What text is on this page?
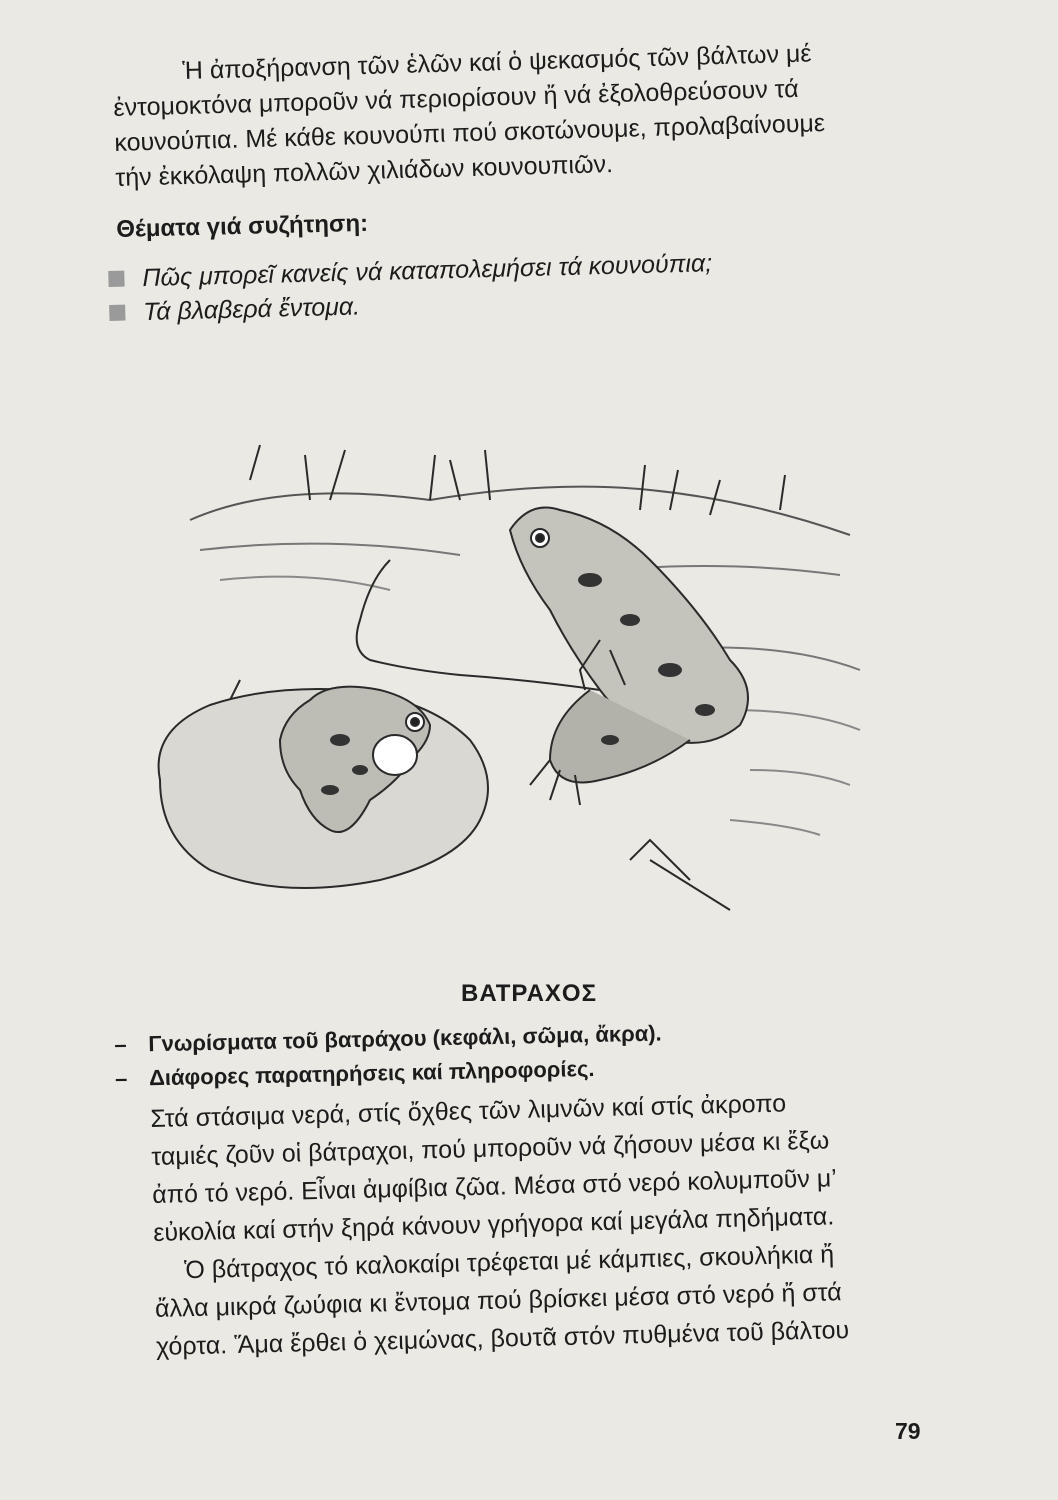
Ἡ ἀποξήρανση τῶν ἑλῶν καί ὁ ψεκασμός τῶν βάλτων μέ
ἐντομοκτόνα μποροῦν νά περιορίσουν ἤ νά ἐξολοθρεύσουν τά
κουνούπια. Μέ κάθε κουνούπι πού σκοτώνουμε, προλαβαίνουμε
τήν ἐκκόλαψη πολλῶν χιλιάδων κουνουπιῶν.
Θέματα γιά συζήτηση:
Πῶς μπορεῖ κανείς νά καταπολεμήσει τά κουνούπια;
Τά βλαβερά ἔντομα.
ΒΑΤΡΑΧΟΣ
– Γνωρίσματα τοῦ βατράχου (κεφάλι, σῶμα, ἄκρα).
– Διάφορες παρατηρήσεις καί πληροφορίες.
Στά στάσιμα νερά, στίς ὄχθες τῶν λιμνῶν καί στίς ἀκροπο
ταμιές ζοῦν οἱ βάτραχοι, πού μποροῦν νά ζήσουν μέσα κι ἔξω
ἀπό τό νερό. Εἶναι ἀμφίβια ζῶα. Μέσα στό νερό κολυμποῦν μ’
εὐκολία καί στήν ξηρά κάνουν γρήγορα καί μεγάλα πηδήματα.
Ὁ βάτραχος τό καλοκαίρι τρέφεται μέ κάμπιες, σκουλήκια ἤ
ἄλλα μικρά ζωύφια κι ἔντομα πού βρίσκει μέσα στό νερό ἤ στά
χόρτα. Ἅμα ἔρθει ὁ χειμώνας, βουτᾶ στόν πυθμένα τοῦ βάλτου
79
